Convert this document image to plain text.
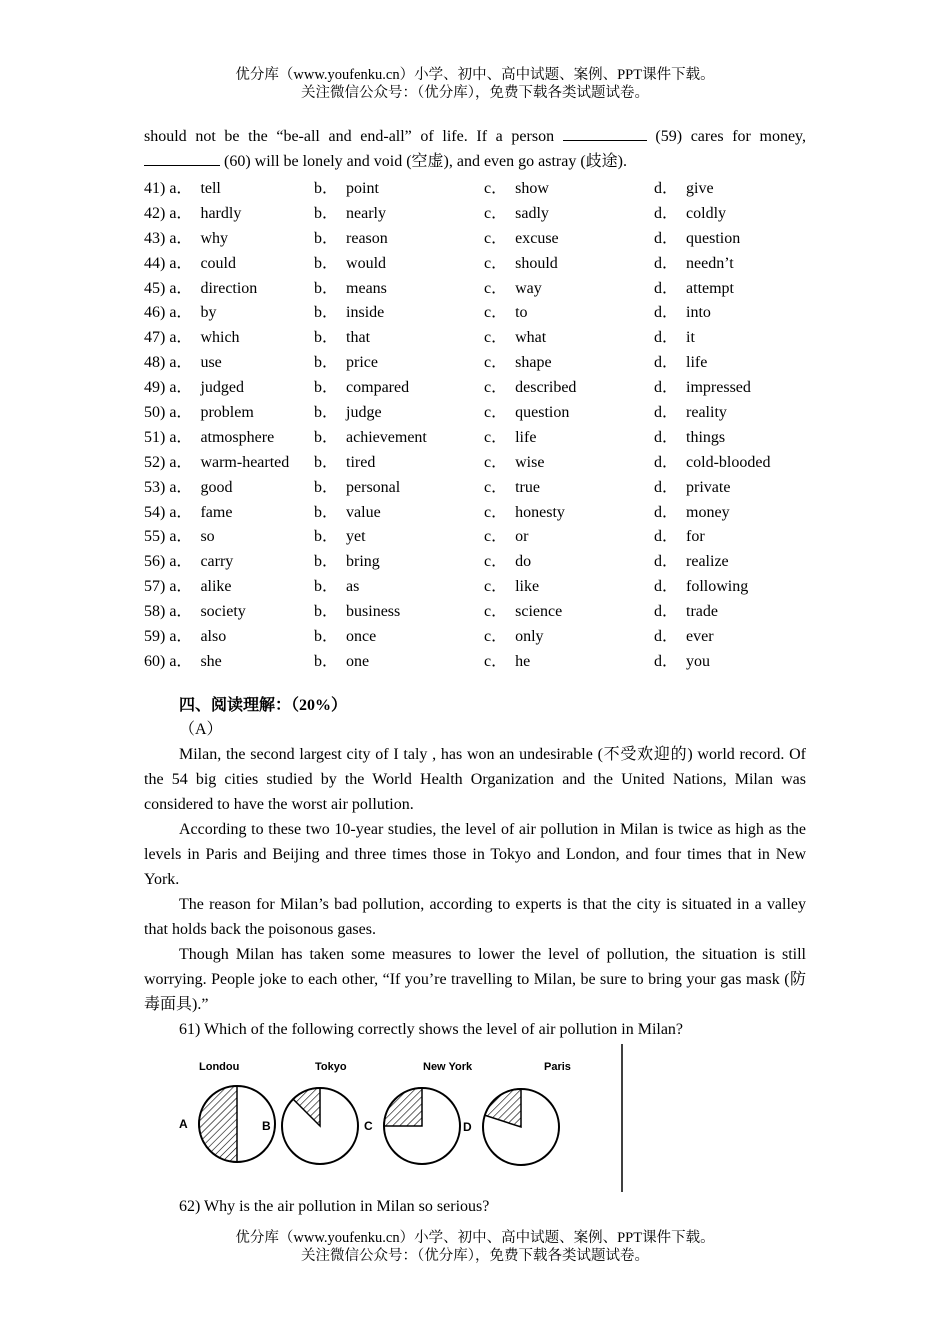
优分库（www.youfenku.cn）小学、初中、高中试题、案例、PPT课件下载。
关注微信公众号：（优分库），免费下载各类试题试卷。

should not be the “be-all and end-all” of life. If a person	(59) cares for money,  (60) will be lonely and void (空虚), and even go astray (歧途).

41) a． tell	b． point	c． show	d． give
42) a． hardly	b． nearly	c． sadly	d． coldly
43) a． why	b． reason	c． excuse	d． question
44) a． could	b． would	c． should	d． needn’t
45) a． direction	b． means	c． way	d． attempt
46) a． by	b． inside	c． to	d． into
47) a． which	b． that	c． what	d． it
48) a． use	b． price	c． shape	d． life
49) a． judged	b． compared	c． described	d． impressed
50) a． problem	b． judge	c． question	d． reality
51) a． atmosphere	b． achievement	c． life	d． things
52) a． warm-hearted	b． tired	c． wise	d． cold-blooded
53) a． good	b． personal	c． true	d． private
54) a． fame	b． value	c． honesty	d． money
55) a． so	b． yet	c． or	d． for
56) a． carry	b． bring	c． do	d． realize
57) a． alike	b． as	c． like	d． following
58) a． society	b． business	c． science	d． trade
59) a． also	b． once	c． only	d． ever
60) a． she	b． one	c． he	d． you
四、阅读理解：（20%）
（A）

Milan, the second largest city of I taly , has won an undesirable (不受欢迎的) world record. Of the 54 big cities studied by the World Health Organization and the United Nations, Milan was considered to have the worst air pollution.

According to these two 10-year studies, the level of air pollution in Milan is twice as high as the levels in Paris and Beijing and three times those in Tokyo and London, and four times that in New York.

The reason for Milan’s bad pollution, according to experts is that the city is situated in a valley that holds back the poisonous gases.

Though Milan has taken some measures to lower the level of pollution, the situation is still worrying. People joke to each other, “If you’re travelling to Milan, be sure to bring your gas mask (防毒面具).”

61) Which of the following correctly shows the level of air pollution in Milan?
Londou
A
Tokyo
B
New York
C
Paris
D
62) Why is the air pollution in Milan so serious?
优分库（www.youfenku.cn）小学、初中、高中试题、案例、PPT课件下载。
关注微信公众号：（优分库），免费下载各类试题试卷。
